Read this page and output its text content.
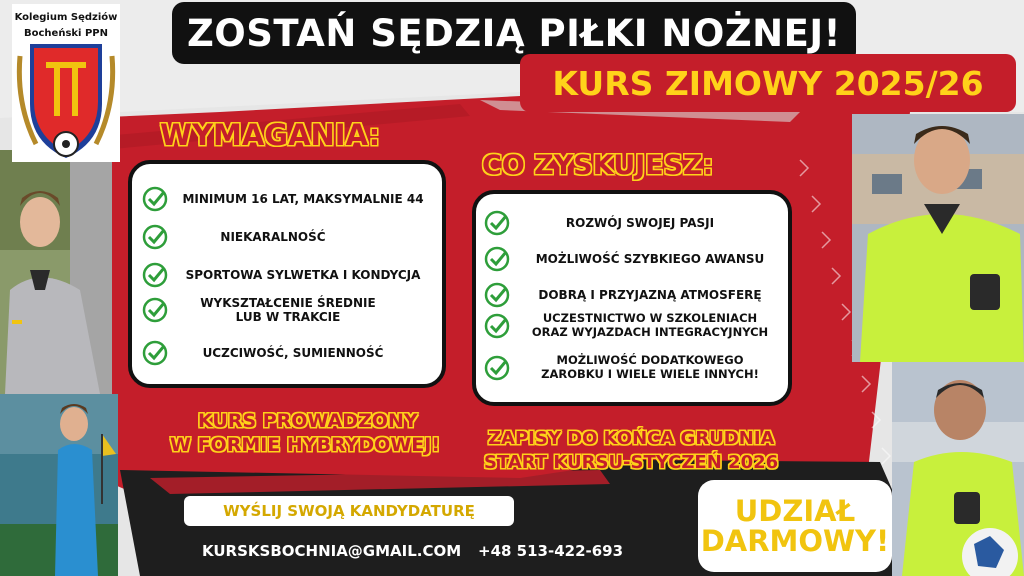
Kolegium Sędziów
Bocheński PPN	ZOSTAŃ SĘDZIĄ PIŁKI NOŻNEJ!
KURS ZIMOWY 2025/26
WYMAGANIA:
MINIMUM 16 LAT, MAKSYMALNIE 44
NIEKARALNOŚĆ
SPORTOWA SYLWETKA I KONDYCJA
WYKSZTAŁCENIE ŚREDNIE
LUB W TRAKCIE
UCZCIWOŚĆ, SUMIENNOŚĆ
CO ZYSKUJESZ:
ROZWÓJ SWOJEJ PASJI
MOŻLIWOŚĆ SZYBKIEGO AWANSU
DOBRĄ I PRZYJAZNĄ ATMOSFERĘ
UCZESTNICTWO W SZKOLENIACH
ORAZ WYJAZDACH INTEGRACYJNYCH
MOŻLIWOŚĆ DODATKOWEGO
ZAROBKU I WIELE WIELE INNYCH!
KURS PROWADZONY
W FORMIE HYBRYDOWEJ!	ZAPISY DO KOŃCA GRUDNIA
START KURSU-STYCZEŃ 2026
WYŚLIJ SWOJĄ KANDYDATURĘ
KURSKSBOCHNIA@GMAIL.COM +48 513-422-693
UDZIAŁ
DARMOWY!
